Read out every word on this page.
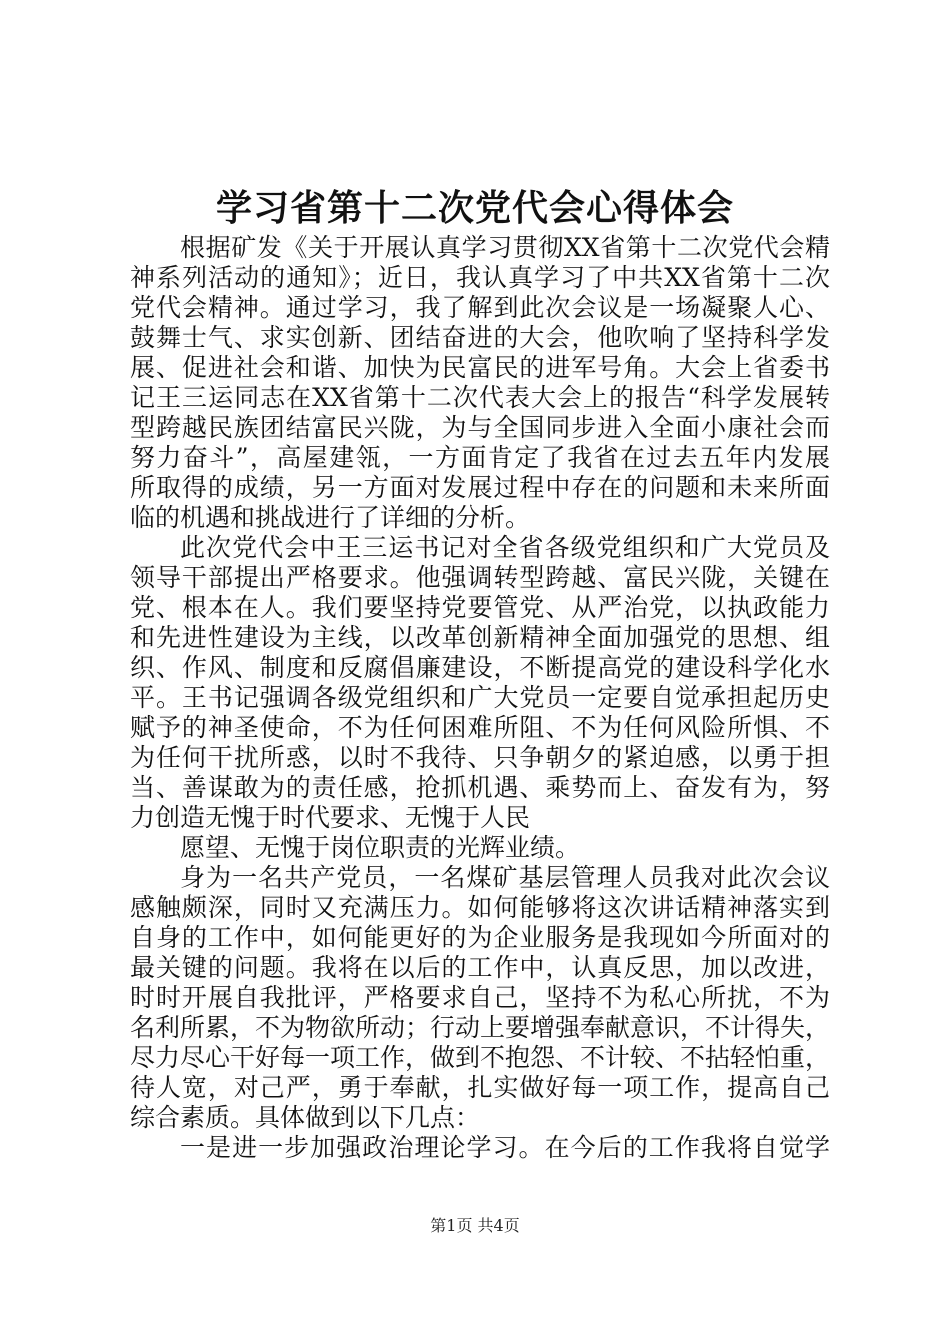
学习省第十二次党代会心得体会
根据矿发《关于开展认真学习贯彻XX省第十二次党代会精
神系列活动的通知》；近日，我认真学习了中共XX省第十二次
党代会精神。通过学习，我了解到此次会议是一场凝聚人心、
鼓舞士气、求实创新、团结奋进的大会，他吹响了坚持科学发
展、促进社会和谐、加快为民富民的进军号角。大会上省委书
记王三运同志在XX省第十二次代表大会上的报告“科学发展转
型跨越民族团结富民兴陇，为与全国同步进入全面小康社会而
努力奋斗”，高屋建瓴，一方面肯定了我省在过去五年内发展
所取得的成绩，另一方面对发展过程中存在的问题和未来所面
临的机遇和挑战进行了详细的分析。
此次党代会中王三运书记对全省各级党组织和广大党员及
领导干部提出严格要求。他强调转型跨越、富民兴陇，关键在
党、根本在人。我们要坚持党要管党、从严治党，以执政能力
和先进性建设为主线，以改革创新精神全面加强党的思想、组
织、作风、制度和反腐倡廉建设，不断提高党的建设科学化水
平。王书记强调各级党组织和广大党员一定要自觉承担起历史
赋予的神圣使命，不为任何困难所阻、不为任何风险所惧、不
为任何干扰所惑，以时不我待、只争朝夕的紧迫感，以勇于担
当、善谋敢为的责任感，抢抓机遇、乘势而上、奋发有为，努
力创造无愧于时代要求、无愧于人民
愿望、无愧于岗位职责的光辉业绩。
身为一名共产党员，一名煤矿基层管理人员我对此次会议
感触颇深，同时又充满压力。如何能够将这次讲话精神落实到
自身的工作中，如何能更好的为企业服务是我现如今所面对的
最关键的问题。我将在以后的工作中，认真反思，加以改进，
时时开展自我批评，严格要求自己，坚持不为私心所扰，不为
名利所累，不为物欲所动；行动上要增强奉献意识，不计得失，
尽力尽心干好每一项工作，做到不抱怨、不计较、不拈轻怕重，
待人宽，对己严，勇于奉献，扎实做好每一项工作，提高自己
综合素质。具体做到以下几点：
一是进一步加强政治理论学习。在今后的工作我将自觉学
第1页 共4页
